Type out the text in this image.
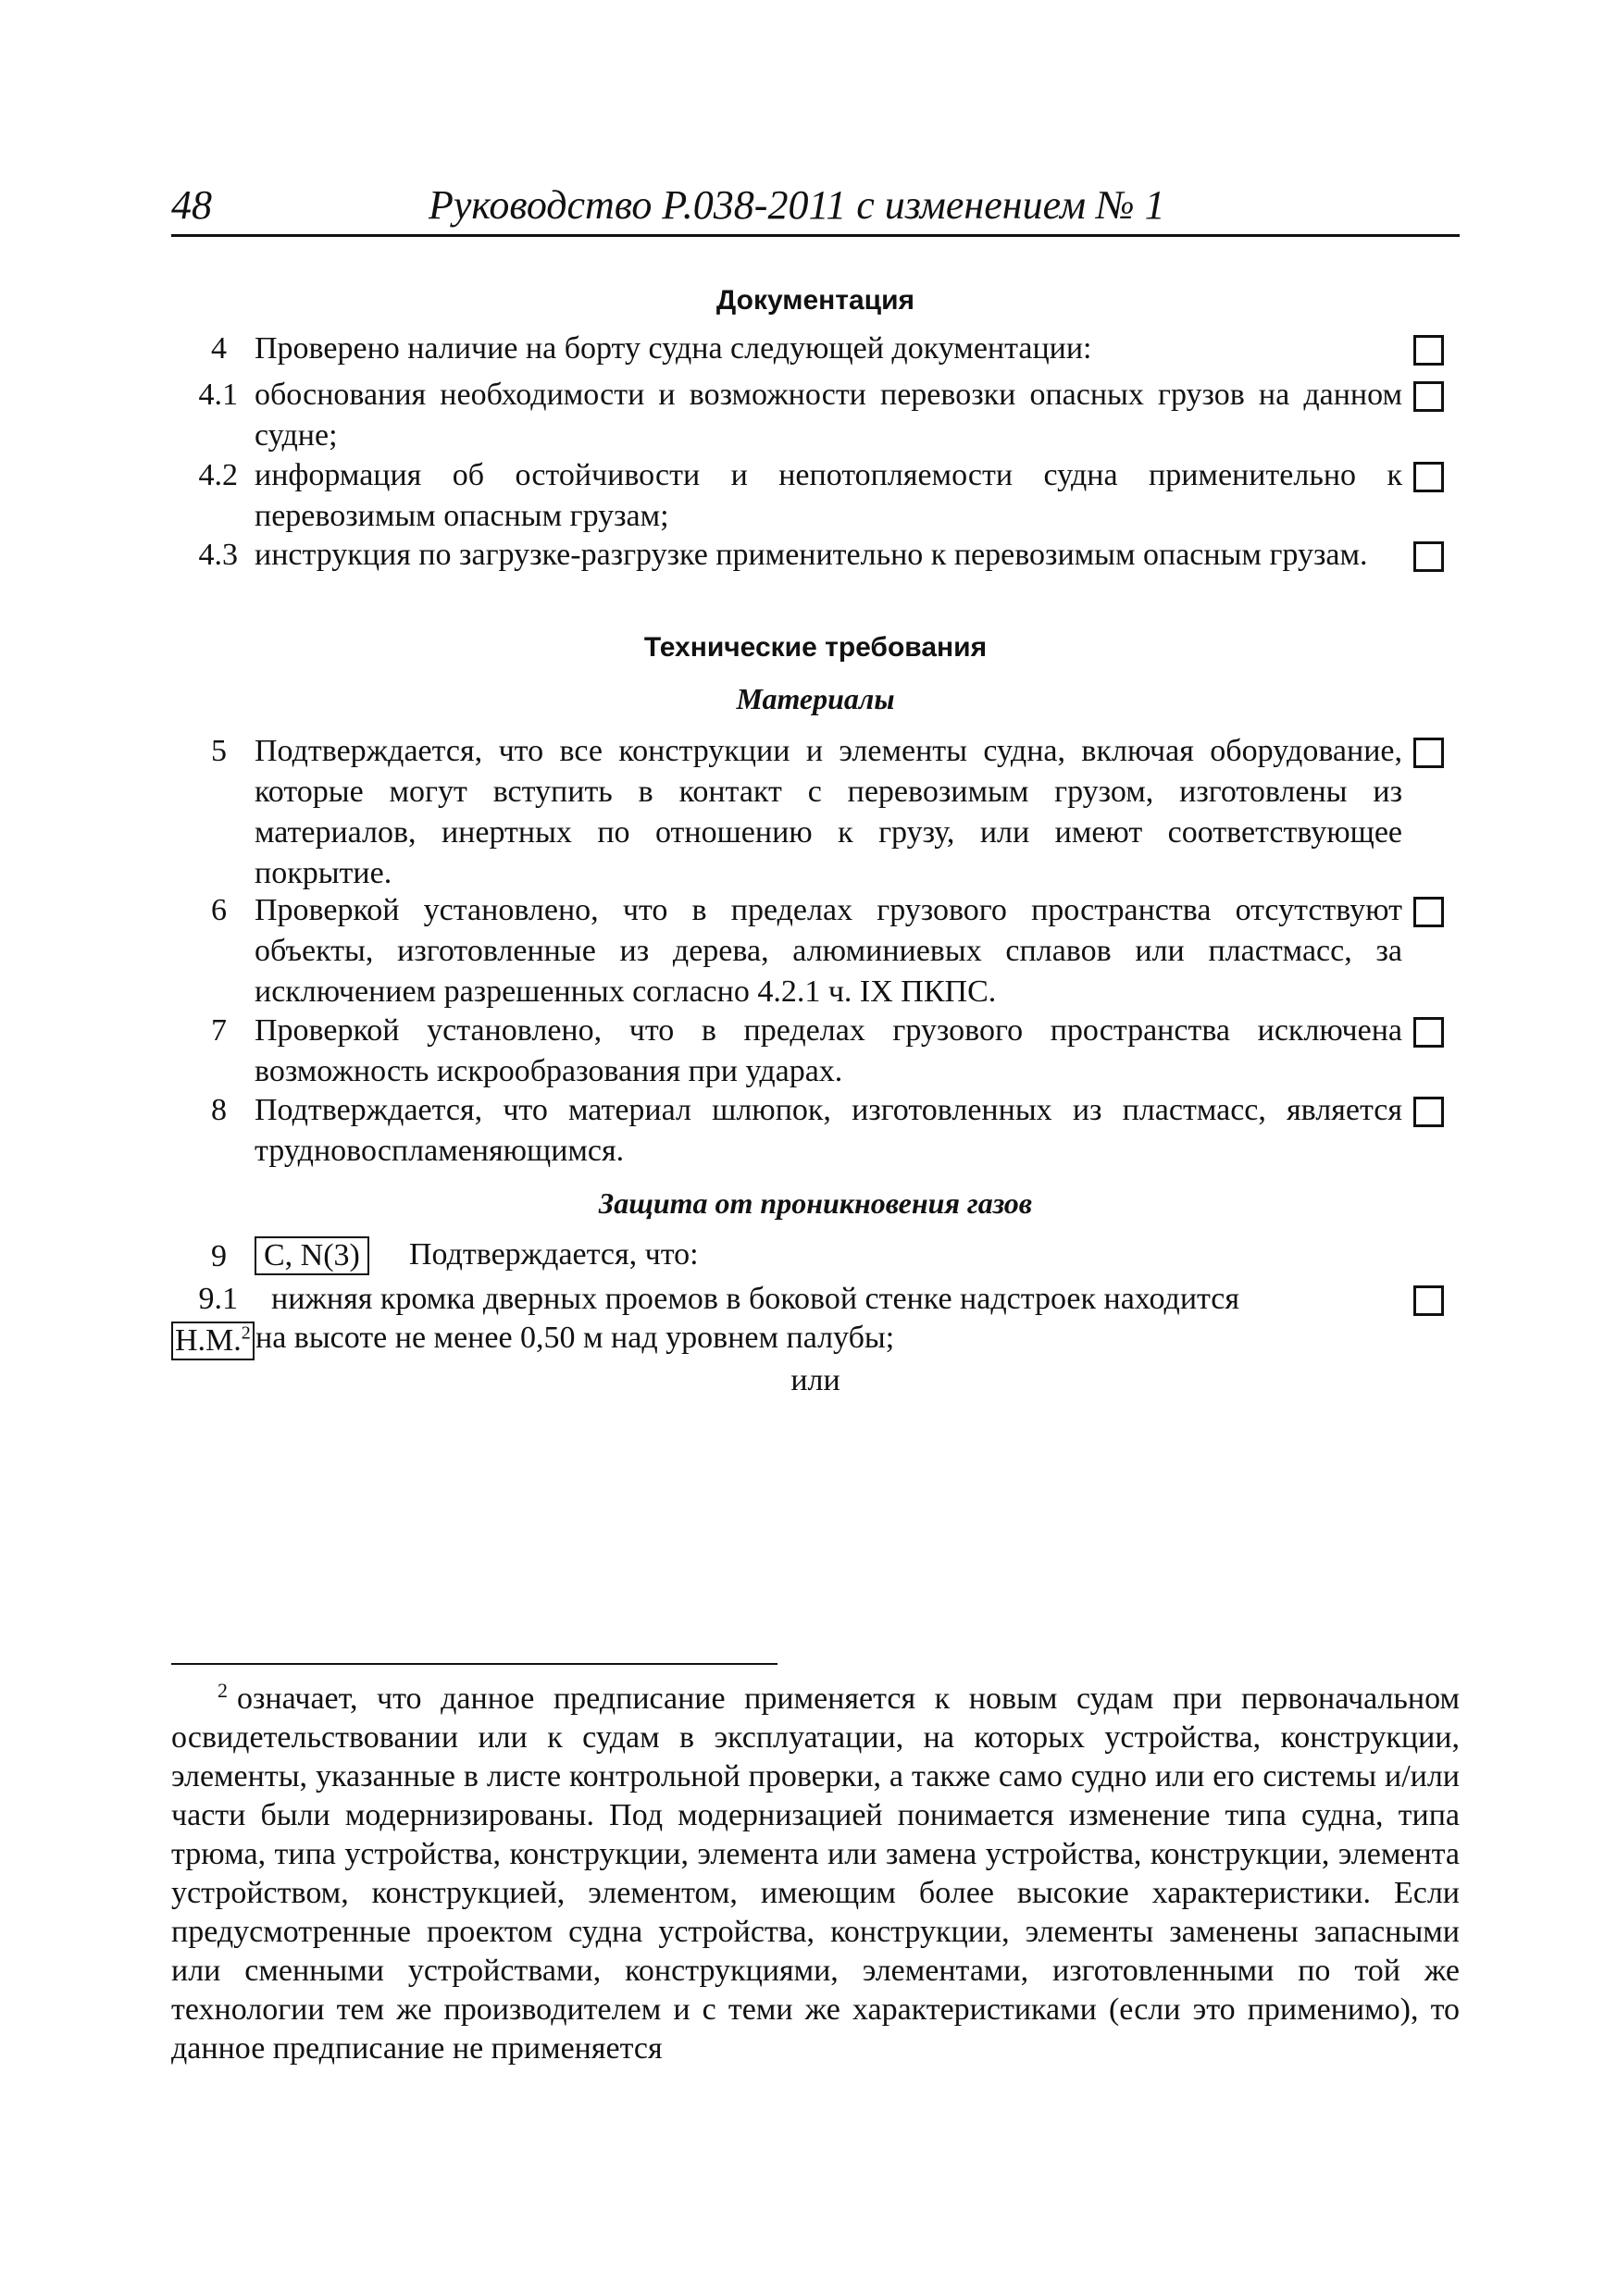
48	Руководство Р.038-2011 с изменением № 1
Документация
4 Проверено наличие на борту судна следующей документации:
4.1 обоснования необходимости и возможности перевозки опасных грузов на данном судне;
4.2 информация об остойчивости и непотопляемости судна применительно к перевозимым опасным грузам;
4.3 инструкция по загрузке-разгрузке применительно к перевозимым опасным грузам.
Технические требования
Материалы
5 Подтверждается, что все конструкции и элементы судна, включая оборудование, которые могут вступить в контакт с перевозимым грузом, изготовлены из материалов, инертных по отношению к грузу, или имеют соответствующее покрытие.
6 Проверкой установлено, что в пределах грузового пространства отсутствуют объекты, изготовленные из дерева, алюминиевых сплавов или пластмасс, за исключением разрешенных согласно 4.2.1 ч. IX ПКПС.
7 Проверкой установлено, что в пределах грузового пространства исключена возможность искрообразования при ударах.
8 Подтверждается, что материал шлюпок, изготовленных из пластмасс, является трудновоспламеняющимся.
Защита от проникновения газов
9 С, N(3) Подтверждается, что:
9.1 нижняя кромка дверных проемов в боковой стенке надстроек находится
Н.М.$^2$ на высоте не менее 0,50 м над уровнем палубы;
или
$^2$ означает, что данное предписание применяется к новым судам при первоначальном освидетельствовании или к судам в эксплуатации, на которых устройства, конструкции, элементы, указанные в листе контрольной проверки, а также само судно или его системы и/или части были модернизированы. Под модернизацией понимается изменение типа судна, типа трюма, типа устройства, конструкции, элемента или замена устройства, конструкции, элемента устройством, конструкцией, элементом, имеющим более высокие характеристики. Если предусмотренные проектом судна устройства, конструкции, элементы заменены запасными или сменными устройствами, конструкциями, элементами, изготовленными по той же технологии тем же производителем и с теми же характеристиками (если это применимо), то данное предписание не применяется
